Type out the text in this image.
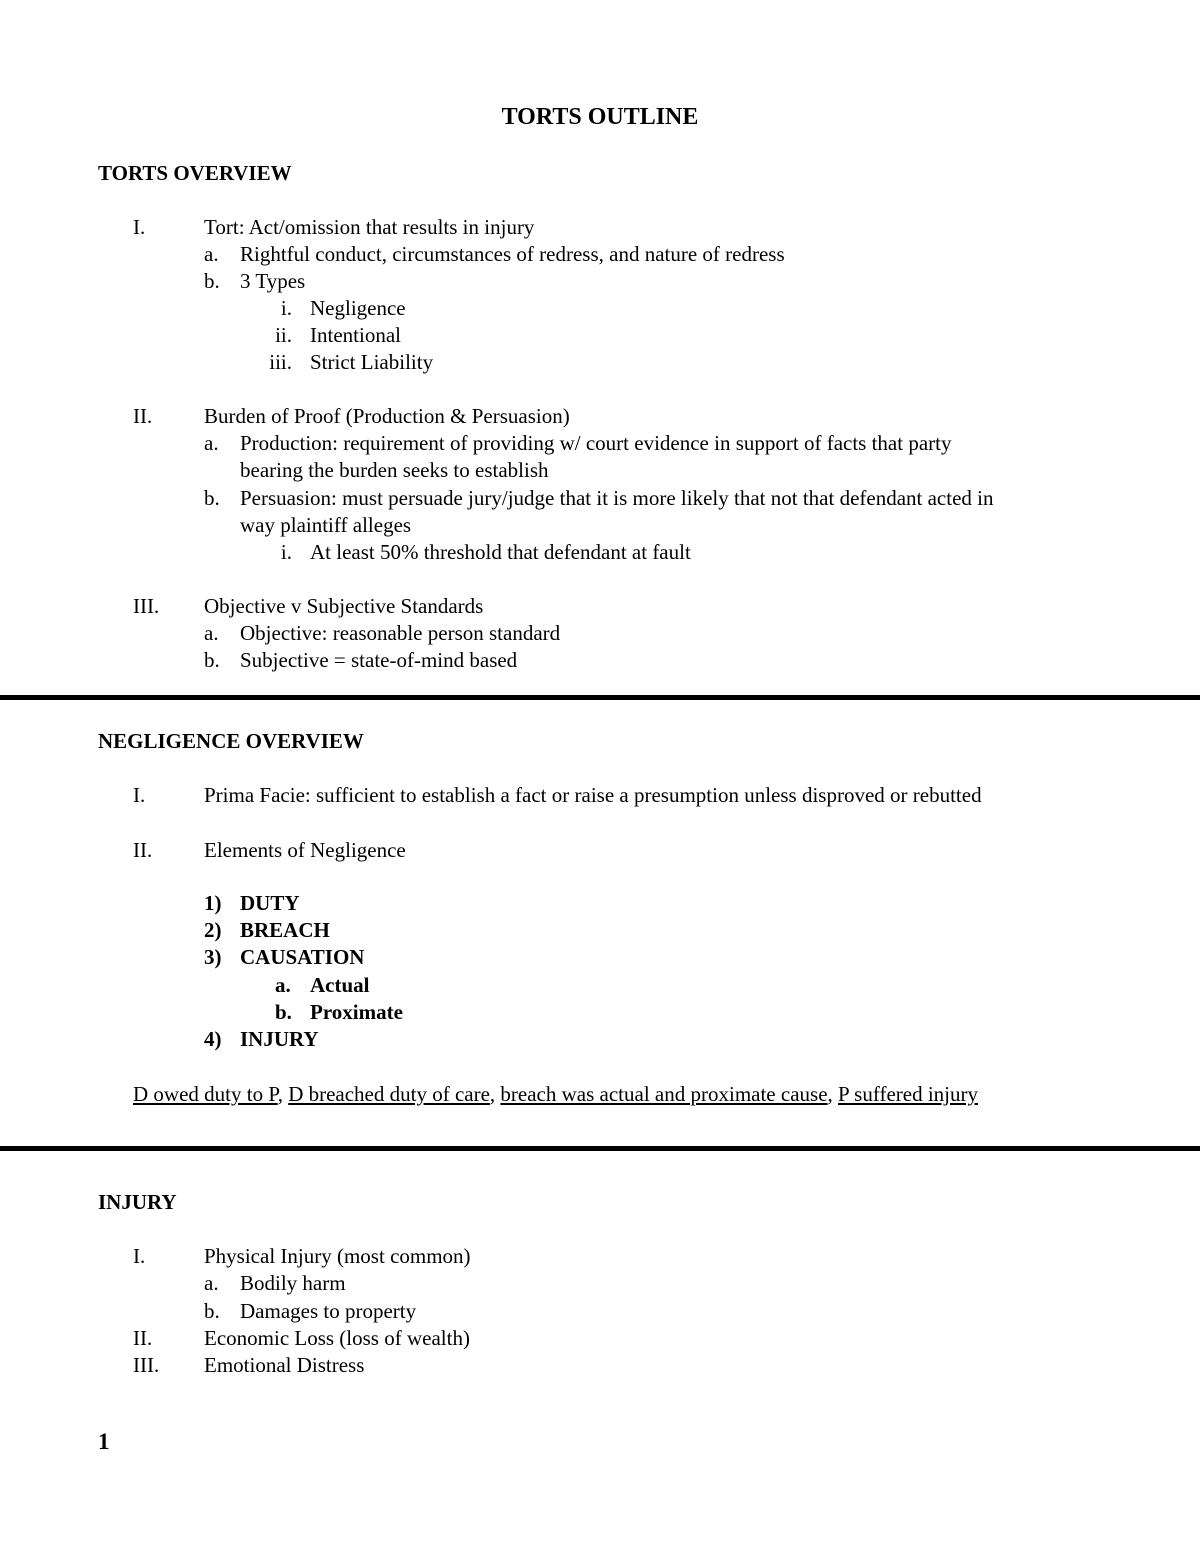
TORTS OUTLINE
TORTS OVERVIEW
I.	Tort: Act/omission that results in injury
a. Rightful conduct, circumstances of redress, and nature of redress
b. 3 Types
i. Negligence
ii. Intentional
iii. Strict Liability
II. Burden of Proof (Production & Persuasion)
a. Production: requirement of providing w/ court evidence in support of facts that party
bearing the burden seeks to establish
b. Persuasion: must persuade jury/judge that it is more likely that not that defendant acted in
way plaintiff alleges
i. At least 50% threshold that defendant at fault
III. Objective v Subjective Standards
a. Objective: reasonable person standard
b. Subjective = state-of-mind based
NEGLIGENCE OVERVIEW
I.	Prima Facie: sufficient to establish a fact or raise a presumption unless disproved or rebutted
II. Elements of Negligence
1) DUTY
2) BREACH
3) CAUSATION
a. Actual
b. Proximate
4) INJURY
D owed duty to P, D breached duty of care, breach was actual and proximate cause, P suffered injury
INJURY
I.	Physical Injury (most common)
a. Bodily harm
b. Damages to property
II. Economic Loss (loss of wealth)
III. Emotional Distress
1
